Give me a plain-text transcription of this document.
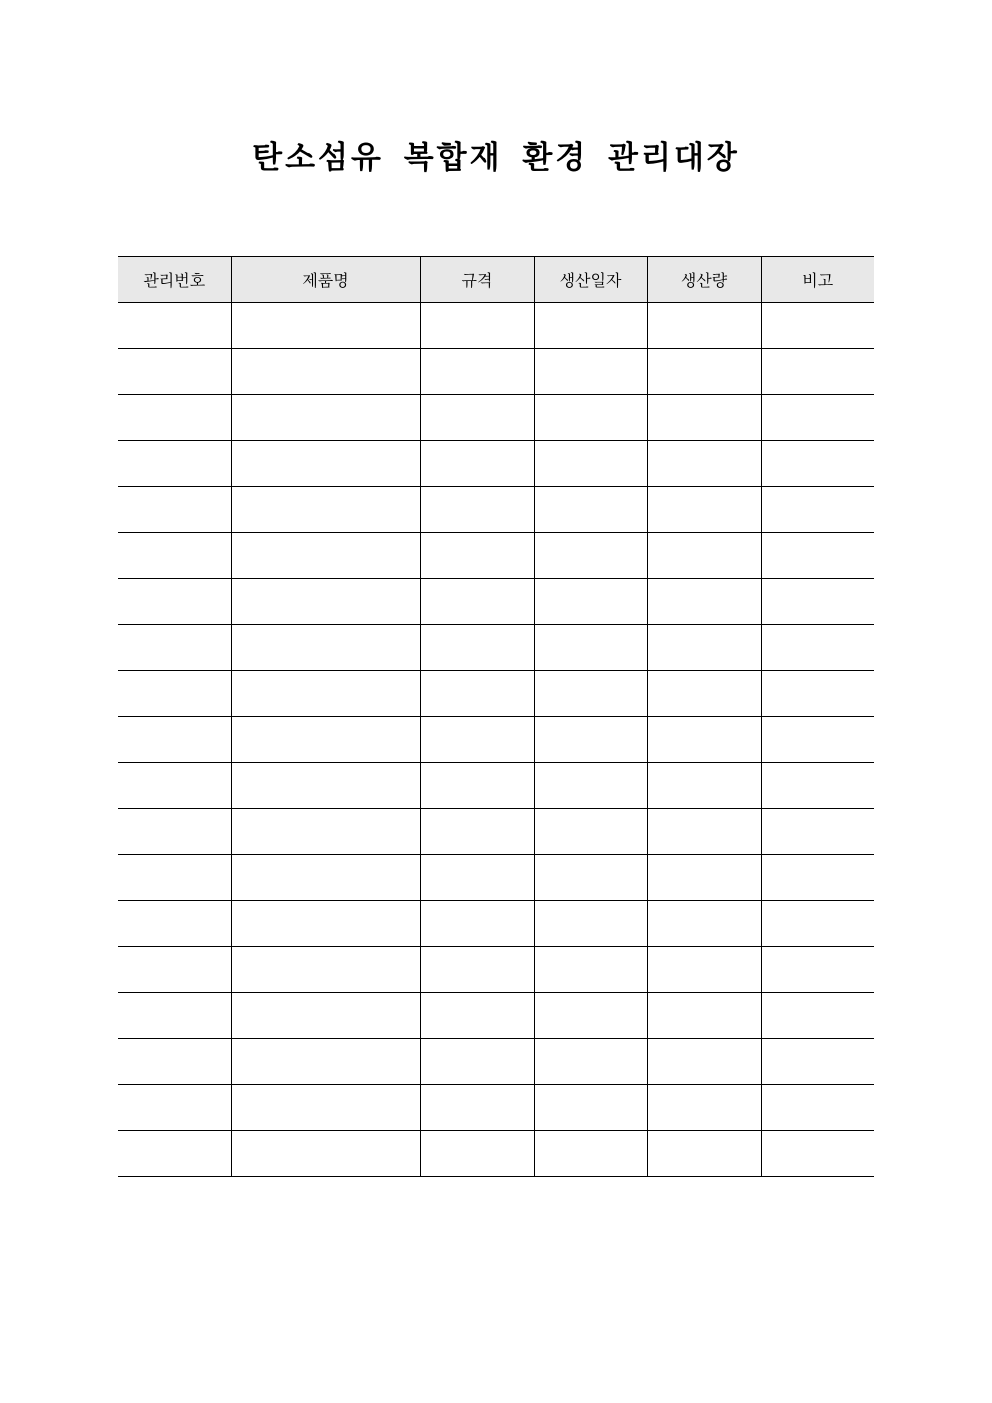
탄소섬유 복합재 환경 관리대장
관리번호	제품명	규격	생산일자	생산량	비고
